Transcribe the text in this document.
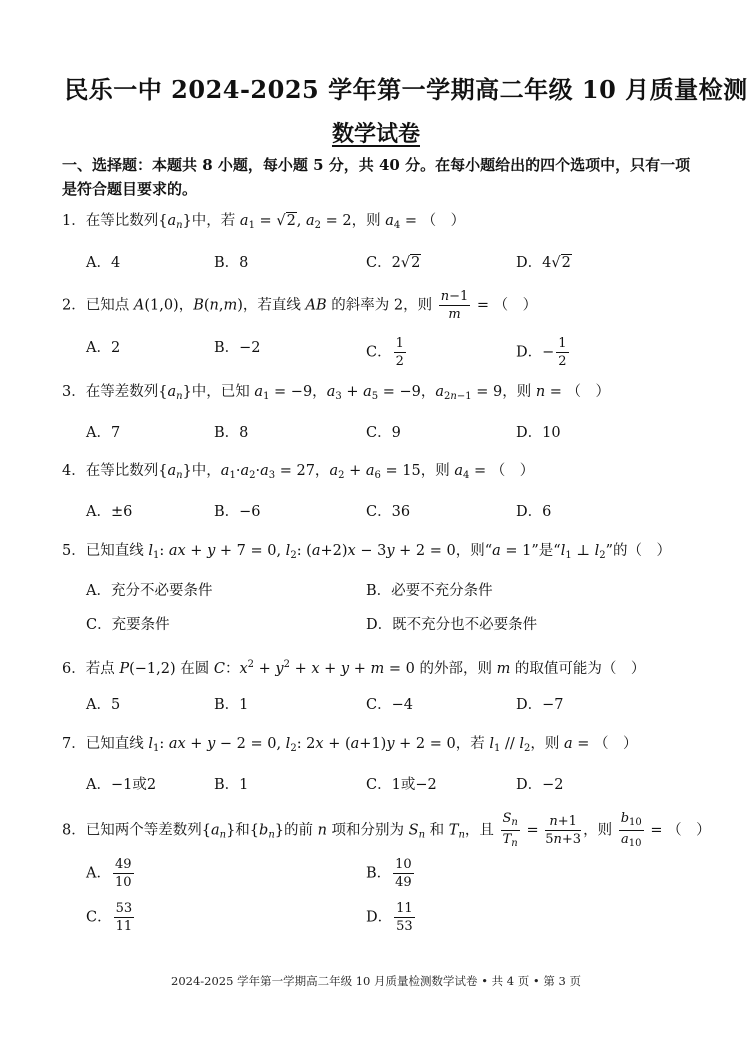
民乐一中 2024-2025 学年第一学期高二年级 10 月质量检测
数学试卷
一、选择题：本题共 8 小题，每小题 5 分，共 40 分。在每小题给出的四个选项中，只有一项是符合题目要求的。
1．在等比数列$\{a_n\}$中，若 $a_1 = √2$, $a_2 = 2$，则 $a_4$ = （　）
A．4	B．8	C．2√2	D．4√2
2．已知点 A(1,0)，B(n,m)，若直线 AB 的斜率为 2，则 $\frac{n-1}{m}$ = （　）
A．2	B．−2	C． $\frac{1}{2}$	D．− $\frac{1}{2}$
3．在等差数列$\{a_n\}$中，已知 $a_1 = -9$，$a_3 + a_5 = -9$，$a_{2n-1} = 9$，则 n = （　）
A．7	B．8	C．9	D．10
4．在等比数列$\{a_n\}$中，$a_1\cdot a_2\cdot a_3 = 27$，$a_2 + a_6 = 15$，则 $a_4$ = （　）
A．±6	B．−6	C．36	D．6
5．已知直线 $l_1$: ax + y + 7 = 0, $l_2$: (a+2)x − 3y + 2 = 0，则“a = 1”是“$l_1$ ⊥ $l_2$”的（　）
A．充分不必要条件	B．必要不充分条件
C．充要条件	D．既不充分也不必要条件
6．若点 P(−1,2) 在圆 C：$x^2 + y^2 + x + y + m = 0$ 的外部，则 m 的取值可能为（　）
A．5	B．1	C．−4	D．−7
7．已知直线 $l_1$: ax + y − 2 = 0, $l_2$: 2x + (a+1)y + 2 = 0，若 $l_1 // l_2$，则 a = （　）
A．−1或2	B．1	C．1或−2	D．−2
8．已知两个等差数列$\{a_n\}$和$\{b_n\}$的前 n 项和分别为 $S_n$ 和 $T_n$，且 $\frac{S_n}{T_n} = \frac{n+1}{5n+3}$ ，则 $\frac{b_{10}}{a_{10}}$ = （　）
A． $\frac{49}{10}$	B． $\frac{10}{49}$
C． $\frac{53}{11}$	D． $\frac{11}{53}$
2024-2025 学年第一学期高二年级 10 月质量检测数学试卷 • 共 4 页 • 第 3 页
